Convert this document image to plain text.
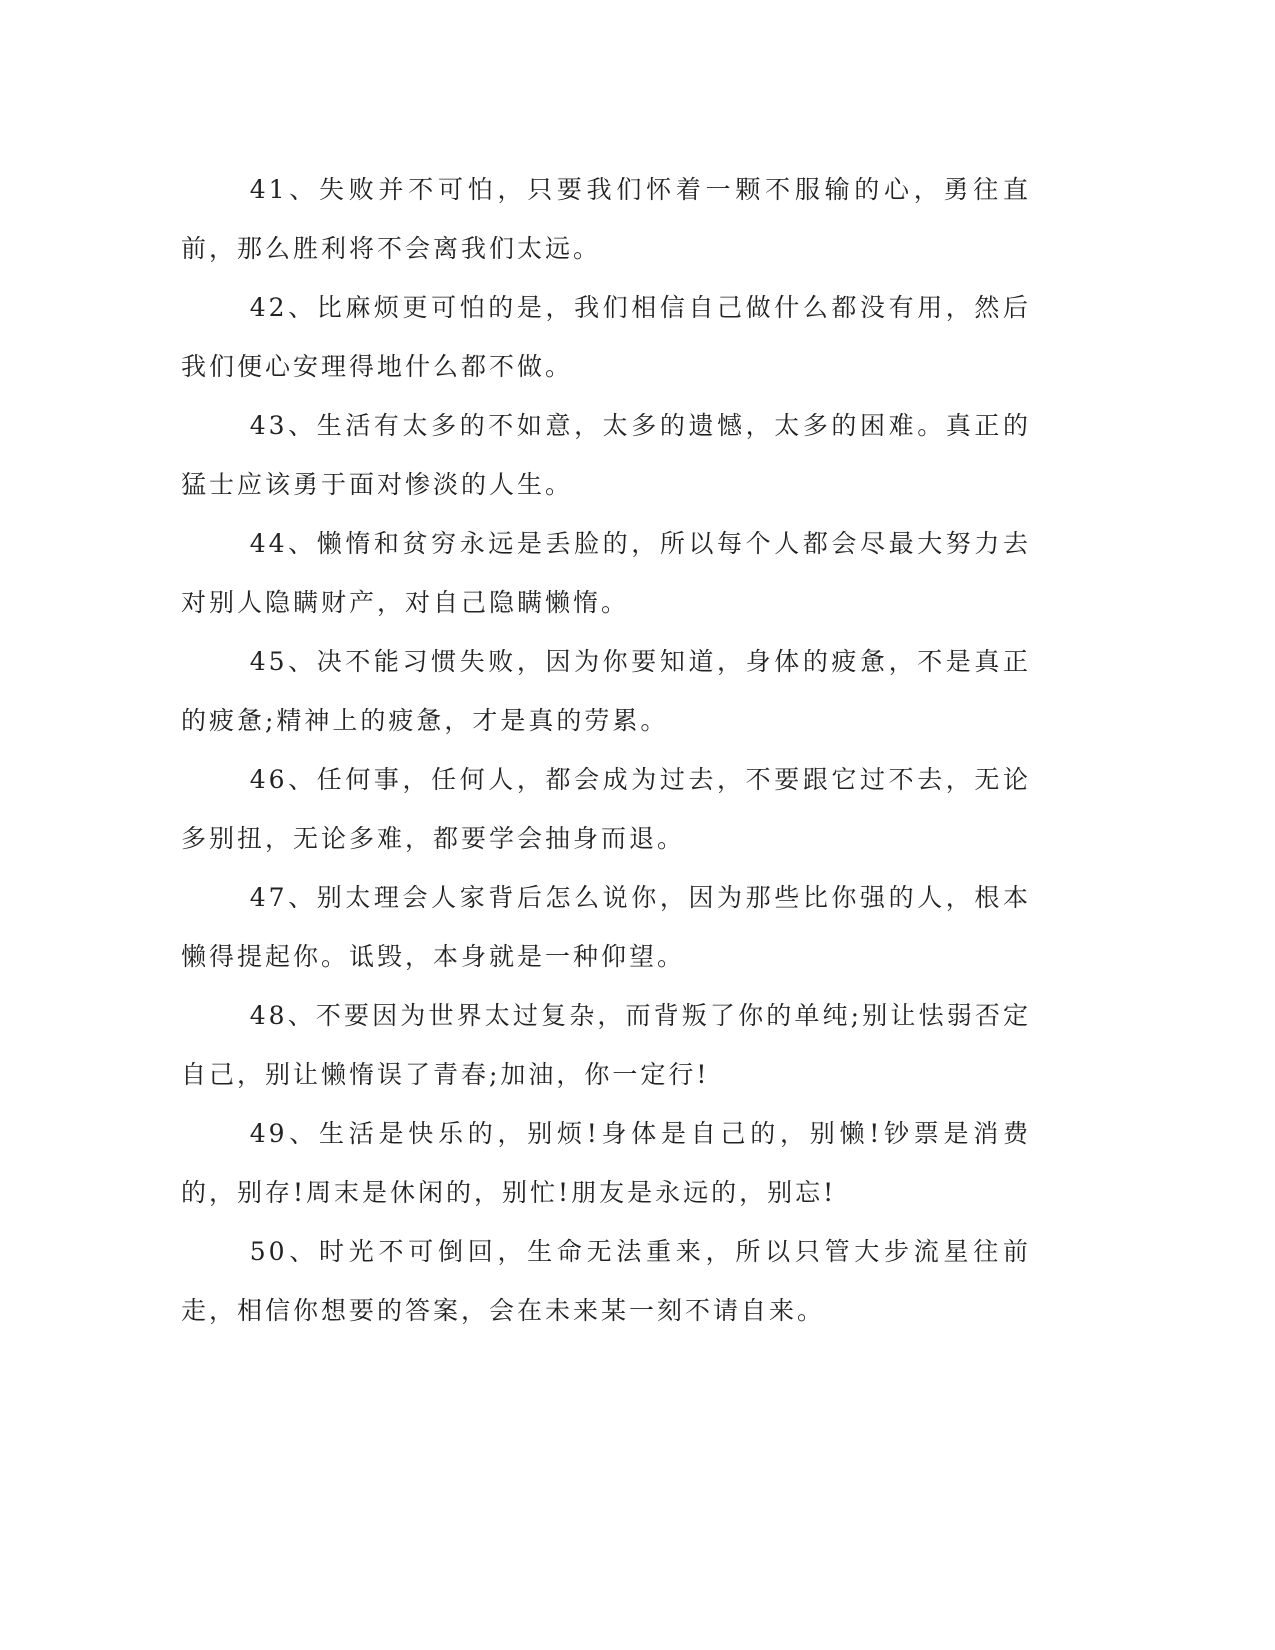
41、失败并不可怕，只要我们怀着一颗不服输的心，勇往直前，那么胜利将不会离我们太远。

42、比麻烦更可怕的是，我们相信自己做什么都没有用，然后我们便心安理得地什么都不做。

43、生活有太多的不如意，太多的遗憾，太多的困难。真正的猛士应该勇于面对惨淡的人生。

44、懒惰和贫穷永远是丢脸的，所以每个人都会尽最大努力去对别人隐瞒财产，对自己隐瞒懒惰。

45、决不能习惯失败，因为你要知道，身体的疲惫，不是真正的疲惫;精神上的疲惫，才是真的劳累。

46、任何事，任何人，都会成为过去，不要跟它过不去，无论多别扭，无论多难，都要学会抽身而退。

47、别太理会人家背后怎么说你，因为那些比你强的人，根本懒得提起你。诋毁，本身就是一种仰望。

48、不要因为世界太过复杂，而背叛了你的单纯;别让怯弱否定自己，别让懒惰误了青春;加油，你一定行!

49、生活是快乐的，别烦!身体是自己的，别懒!钞票是消费的，别存!周末是休闲的，别忙!朋友是永远的，别忘!

50、时光不可倒回，生命无法重来，所以只管大步流星往前走，相信你想要的答案，会在未来某一刻不请自来。
